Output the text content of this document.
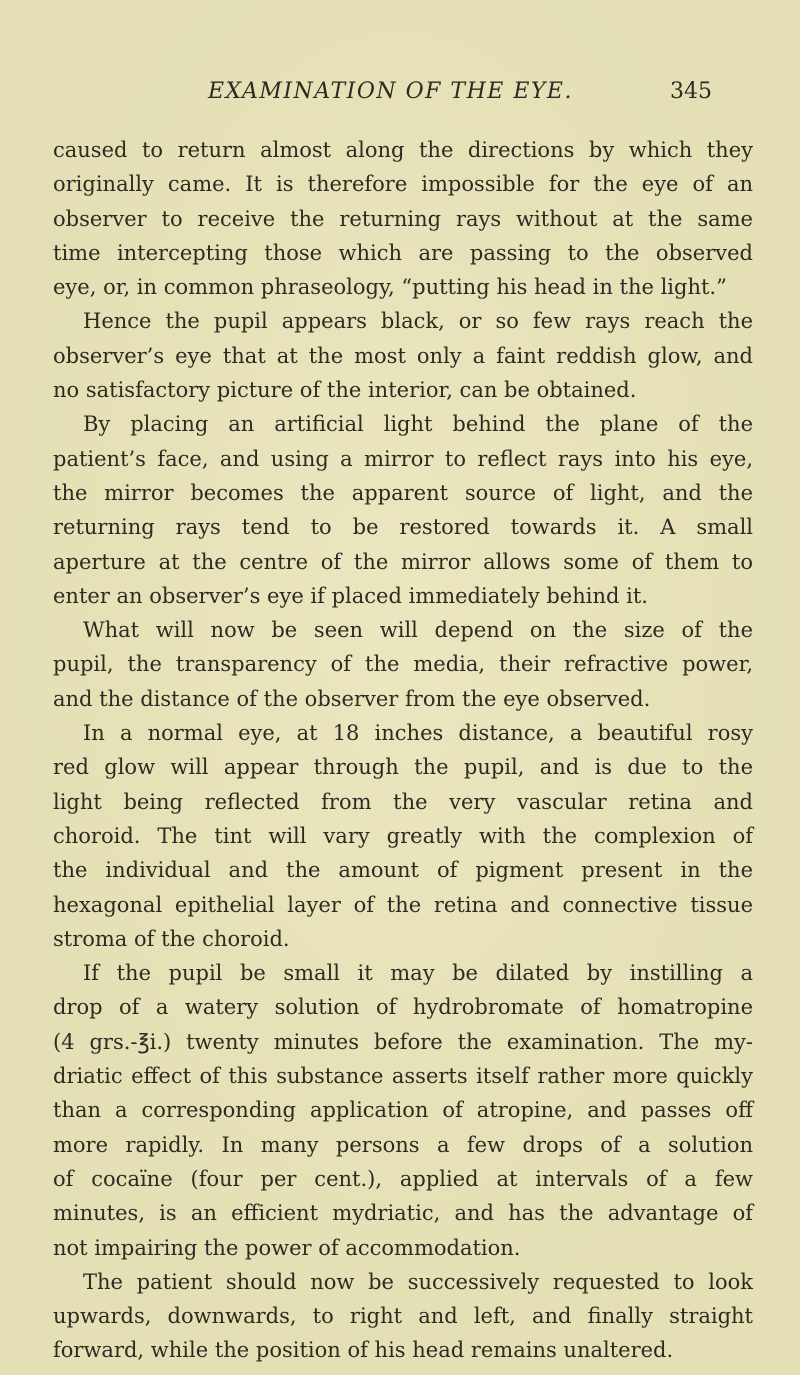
EXAMINATION OF THE EYE.	345
caused to return almost along the directions by which they
originally came. It is therefore impossible for the eye of an
observer to receive the returning rays without at the same
time intercepting those which are passing to the observed
eye, or, in common phraseology, “putting his head in the light.”
Hence the pupil appears black, or so few rays reach the
observer’s eye that at the most only a faint reddish glow, and
no satisfactory picture of the interior, can be obtained.
By placing an artificial light behind the plane of the
patient’s face, and using a mirror to reflect rays into his eye,
the mirror becomes the apparent source of light, and the
returning rays tend to be restored towards it. A small
aperture at the centre of the mirror allows some of them to
enter an observer’s eye if placed immediately behind it.
What will now be seen will depend on the size of the
pupil, the transparency of the media, their refractive power,
and the distance of the observer from the eye observed.
In a normal eye, at 18 inches distance, a beautiful rosy
red glow will appear through the pupil, and is due to the
light being reflected from the very vascular retina and
choroid. The tint will vary greatly with the complexion of
the individual and the amount of pigment present in the
hexagonal epithelial layer of the retina and connective tissue
stroma of the choroid.
If the pupil be small it may be dilated by instilling a
drop of a watery solution of hydrobromate of homatropine
(4 grs.-℥i.) twenty minutes before the examination. The my-
driatic effect of this substance asserts itself rather more quickly
than a corresponding application of atropine, and passes off
more rapidly. In many persons a few drops of a solution
of cocaïne (four per cent.), applied at intervals of a few
minutes, is an efficient mydriatic, and has the advantage of
not impairing the power of accommodation.
The patient should now be successively requested to look
upwards, downwards, to right and left, and finally straight
forward, while the position of his head remains unaltered.
